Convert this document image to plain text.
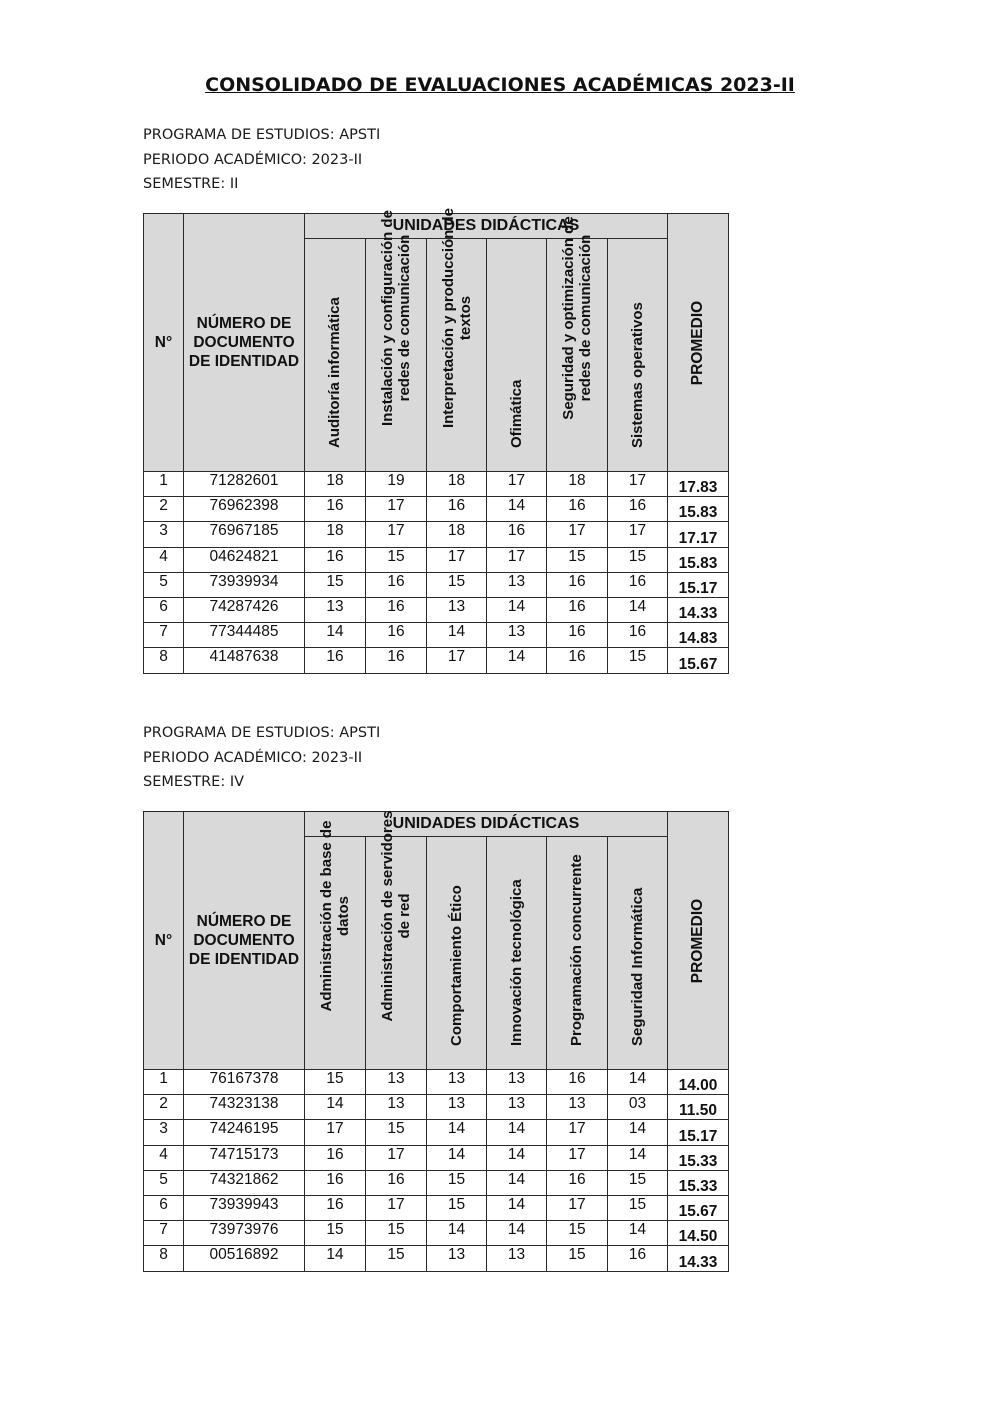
CONSOLIDADO DE EVALUACIONES ACADÉMICAS 2023-II
PROGRAMA DE ESTUDIOS: APSTI
PERIODO ACADÉMICO: 2023-II
SEMESTRE: II
N°	NÚMERO DE DOCUMENTO DE IDENTIDAD	UNIDADES DIDÁCTICAS						PROMEDIO

		Auditoría informática	Instalación y configuración de redes de comunicación	Interpretación y producción de textos	Ofimática	Seguridad y optimización de redes de comunicación	Sistemas operativos	

1	71282601	18	19	18	17	18	17	17.83
2	76962398	16	17	16	14	16	16	15.83
3	76967185	18	17	18	16	17	17	17.17
4	04624821	16	15	17	17	15	15	15.83
5	73939934	15	16	15	13	16	16	15.17
6	74287426	13	16	13	14	16	14	14.33
7	77344485	14	16	14	13	16	16	14.83
8	41487638	16	16	17	14	16	15	15.67
PROGRAMA DE ESTUDIOS: APSTI
PERIODO ACADÉMICO: 2023-II
SEMESTRE: IV
N°	NÚMERO DE DOCUMENTO DE IDENTIDAD	UNIDADES DIDÁCTICAS						PROMEDIO

		Administración de base de datos	Administración de servidores de red	Comportamiento Ético	Innovación tecnológica	Programación concurrente	Seguridad Informática	

1	76167378	15	13	13	13	16	14	14.00
2	74323138	14	13	13	13	13	03	11.50
3	74246195	17	15	14	14	17	14	15.17
4	74715173	16	17	14	14	17	14	15.33
5	74321862	16	16	15	14	16	15	15.33
6	73939943	16	17	15	14	17	15	15.67
7	73973976	15	15	14	14	15	14	14.50
8	00516892	14	15	13	13	15	16	14.33
